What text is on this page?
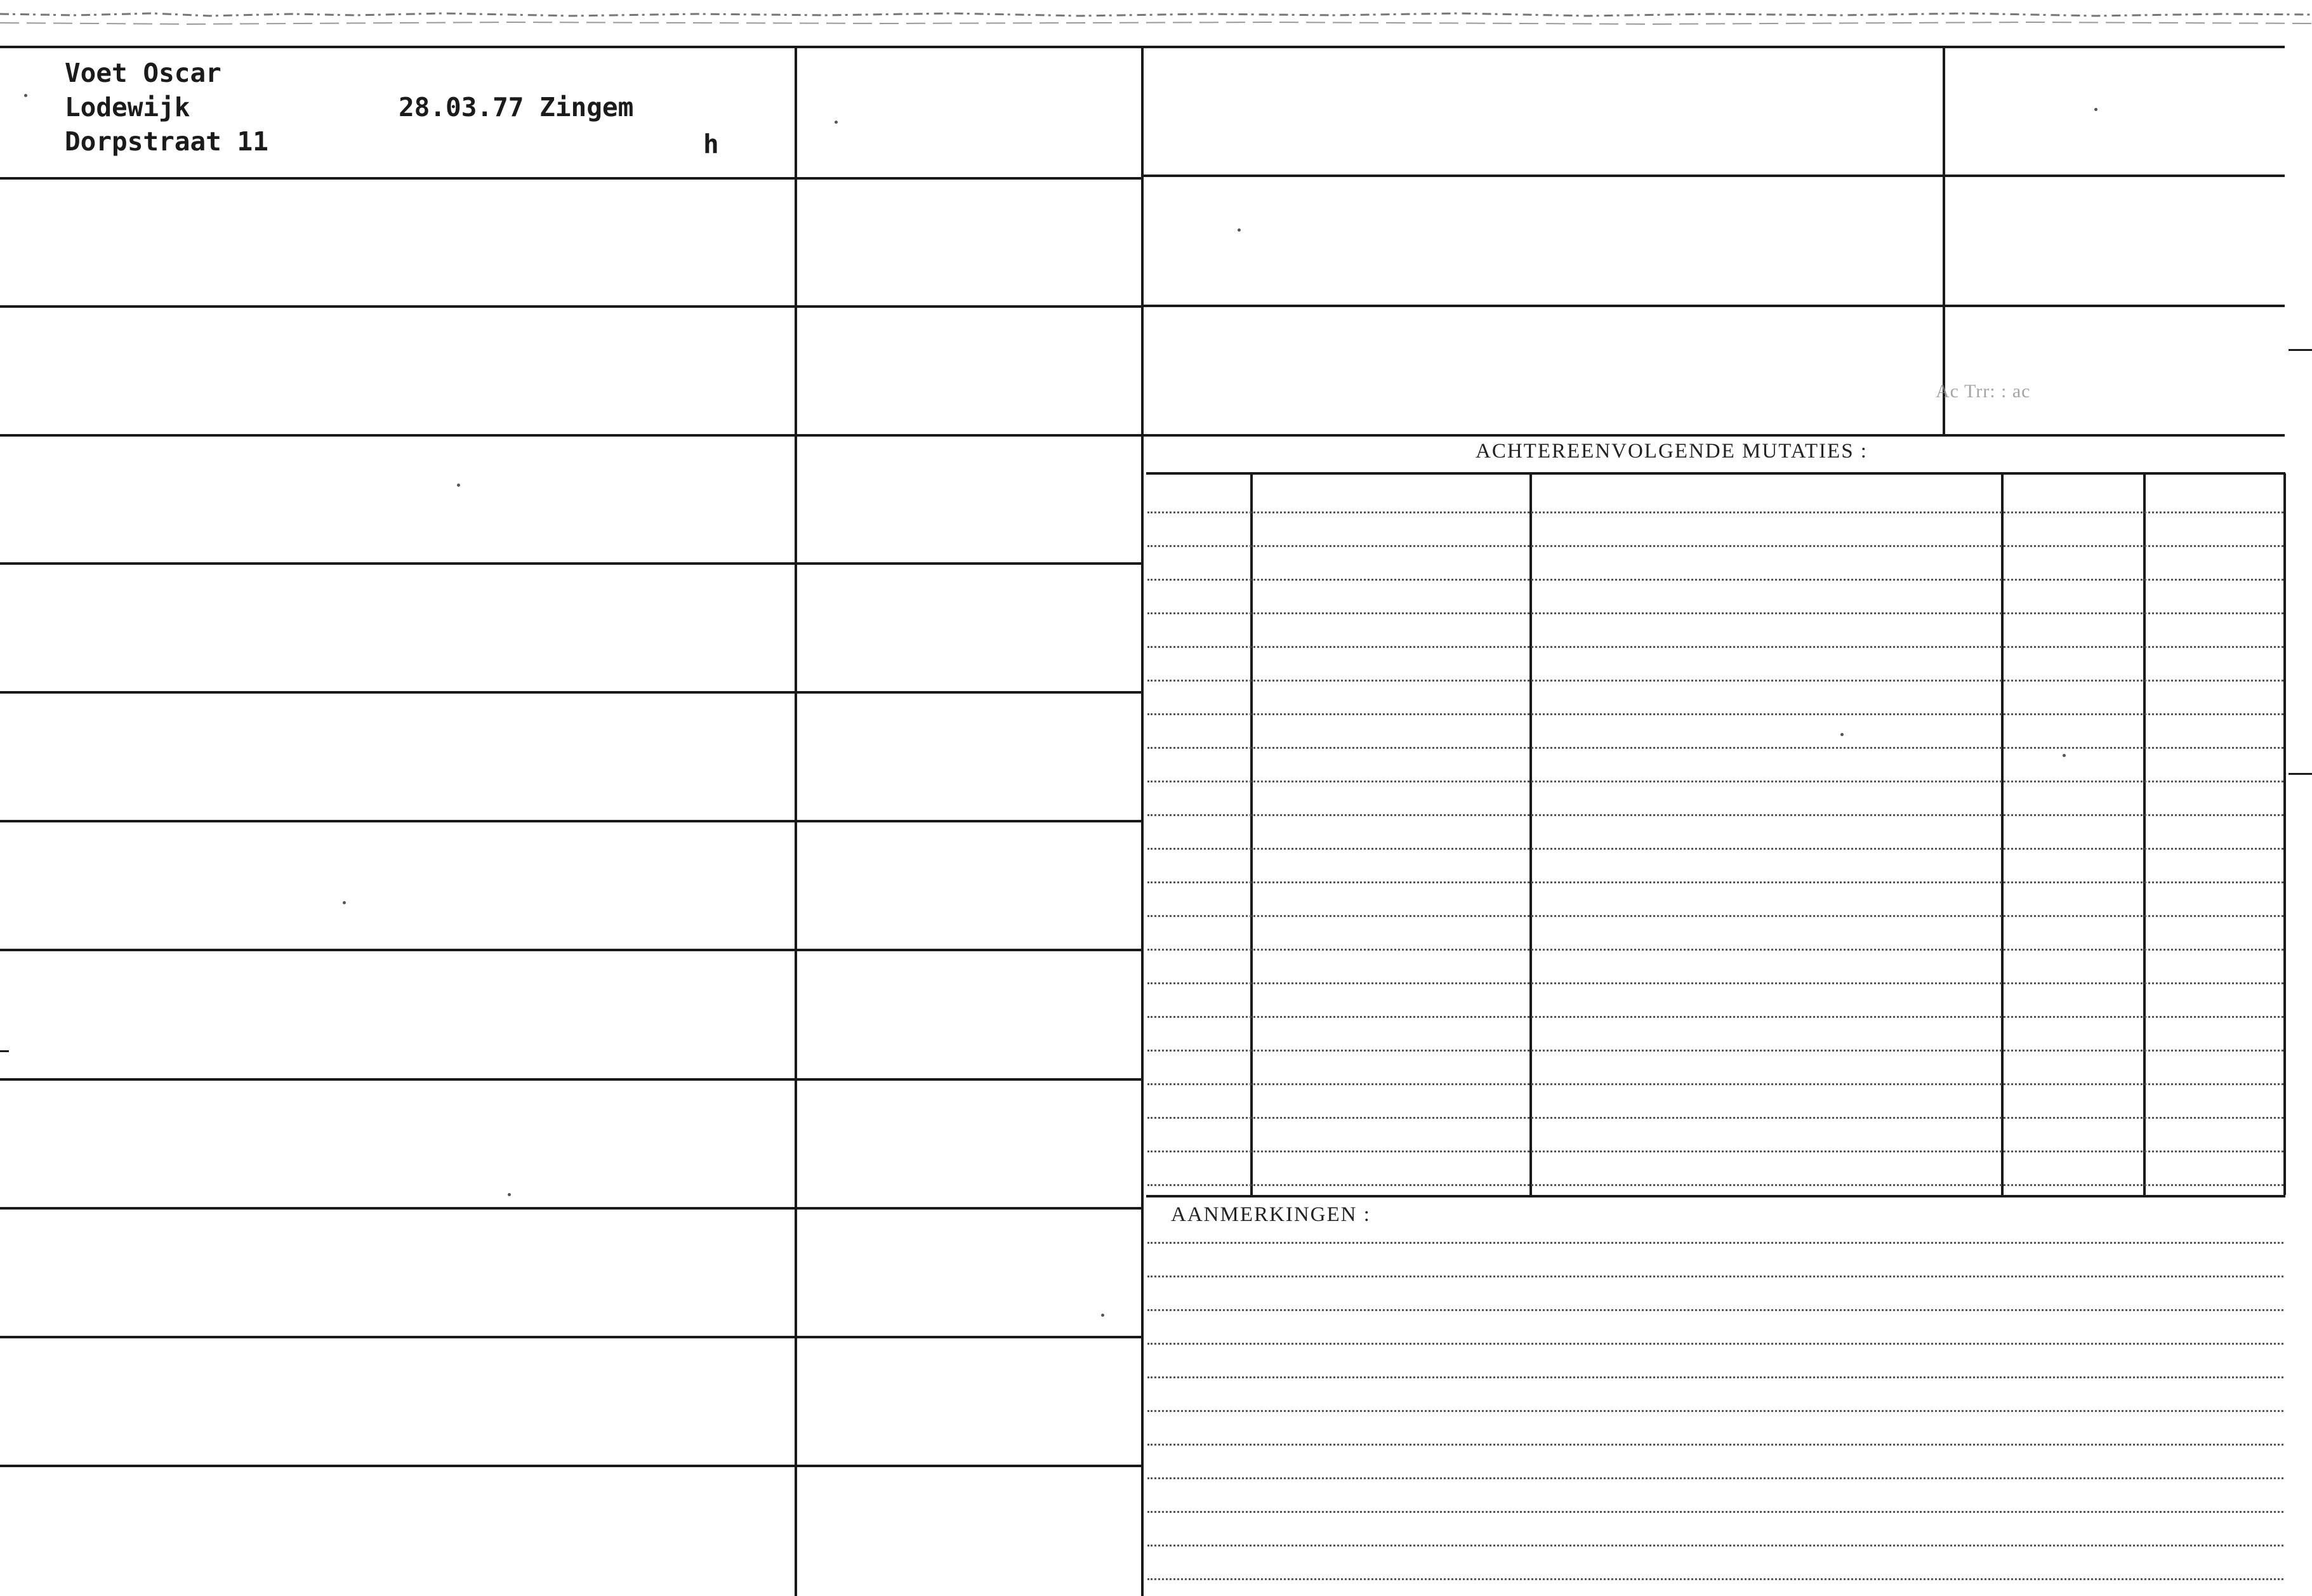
Voet Oscar
Lodewijk
Dorpstraat 11
28.03.77 Zingem
h
Ac Trr: : ac
ACHTEREENVOLGENDE MUTATIES :
AANMERKINGEN :
